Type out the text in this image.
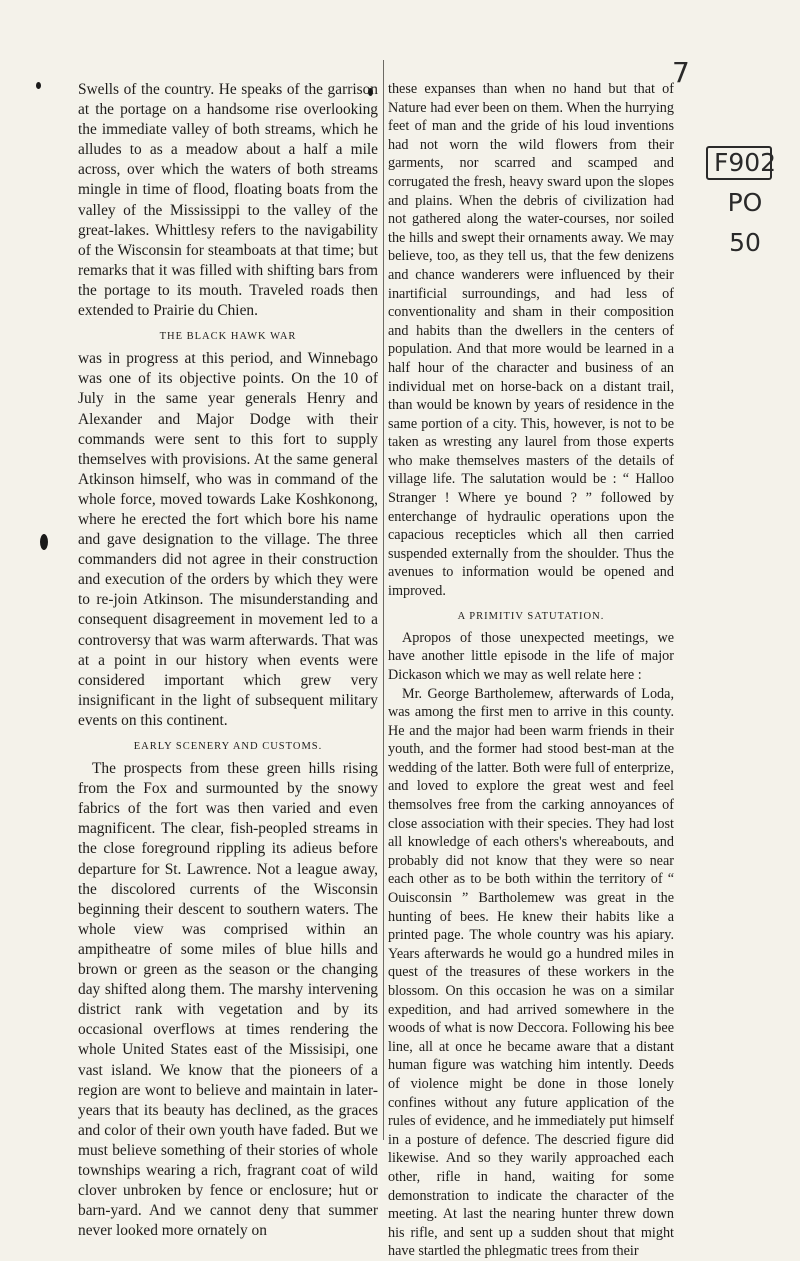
7
F902
PO
50

Swells of the country. He speaks of the garrison at the portage on a handsome rise overlooking the immediate valley of both streams, which he alludes to as a meadow about a half a mile across, over which the waters of both streams mingle in time of flood, floating boats from the valley of the Mississippi to the valley of the great-lakes. Whittlesy refers to the navigability of the Wisconsin for steamboats at that time; but remarks that it was filled with shifting bars from the portage to its mouth. Traveled roads then extended to Prairie du Chien.

THE BLACK HAWK WAR

was in progress at this period, and Winnebago was one of its objective points. On the 10 of July in the same year generals Henry and Alexander and Major Dodge with their commands were sent to this fort to supply themselves with provisions. At the same general Atkinson himself, who was in command of the whole force, moved towards Lake Koshkonong, where he erected the fort which bore his name and gave designation to the village. The three commanders did not agree in their construction and execution of the orders by which they were to re-join Atkinson. The misunderstanding and consequent disagreement in movement led to a controversy that was warm afterwards. That was at a point in our history when events were considered important which grew very insignificant in the light of subsequent military events on this continent.

EARLY SCENERY AND CUSTOMS.

The prospects from these green hills rising from the Fox and surmounted by the snowy fabrics of the fort was then varied and even magnificent. The clear, fish-peopled streams in the close foreground rippling its adieus before departure for St. Lawrence. Not a league away, the discolored currents of the Wisconsin beginning their descent to southern waters. The whole view was comprised within an ampitheatre of some miles of blue hills and brown or green as the season or the changing day shifted along them. The marshy intervening district rank with vegetation and by its occasional overflows at times rendering the whole United States east of the Missisipi, one vast island. We know that the pioneers of a region are wont to believe and maintain in later-years that its beauty has declined, as the graces and color of their own youth have faded. But we must believe something of their stories of whole townships wearing a rich, fragrant coat of wild clover unbroken by fence or enclosure; hut or barn-yard. And we cannot deny that summer never looked more ornately on

these expanses than when no hand but that of Nature had ever been on them. When the hurrying feet of man and the gride of his loud inventions had not worn the wild flowers from their garments, nor scarred and scamped and corrugated the fresh, heavy sward upon the slopes and plains. When the debris of civilization had not gathered along the water-courses, nor soiled the hills and swept their ornaments away. We may believe, too, as they tell us, that the few denizens and chance wanderers were influenced by their inartificial surroundings, and had less of conventionality and sham in their composition and habits than the dwellers in the centers of population. And that more would be learned in a half hour of the character and business of an individual met on horse-back on a distant trail, than would be known by years of residence in the same portion of a city. This, however, is not to be taken as wresting any laurel from those experts who make themselves masters of the details of village life. The salutation would be : “ Halloo Stranger ! Where ye bound ? ” followed by enterchange of hydraulic operations upon the capacious recepticles which all then carried suspended externally from the shoulder. Thus the avenues to information would be opened and improved.

A PRIMITIV SATUTATION.

Apropos of those unexpected meetings, we have another little episode in the life of major Dickason which we may as well relate here :

Mr. George Bartholemew, afterwards of Loda, was among the first men to arrive in this county. He and the major had been warm friends in their youth, and the former had stood best-man at the wedding of the latter. Both were full of enterprize, and loved to explore the great west and feel themsolves free from the carking annoyances of close association with their species. They had lost all knowledge of each others's whereabouts, and probably did not know that they were so near each other as to be both within the territory of “ Ouisconsin ” Bartholemew was great in the hunting of bees. He knew their habits like a printed page. The whole country was his apiary. Years afterwards he would go a hundred miles in quest of the treasures of these workers in the blossom. On this occasion he was on a similar expedition, and had arrived somewhere in the woods of what is now Deccora. Following his bee line, all at once he became aware that a distant human figure was watching him intently. Deeds of violence might be done in those lonely confines without any future application of the rules of evidence, and he immediately put himself in a posture of defence. The descried figure did likewise. And so they warily approached each other, rifle in hand, waiting for some demonstration to indicate the character of the meeting. At last the nearing hunter threw down his rifle, and sent up a sudden shout that might have startled the phlegmatic trees from their
